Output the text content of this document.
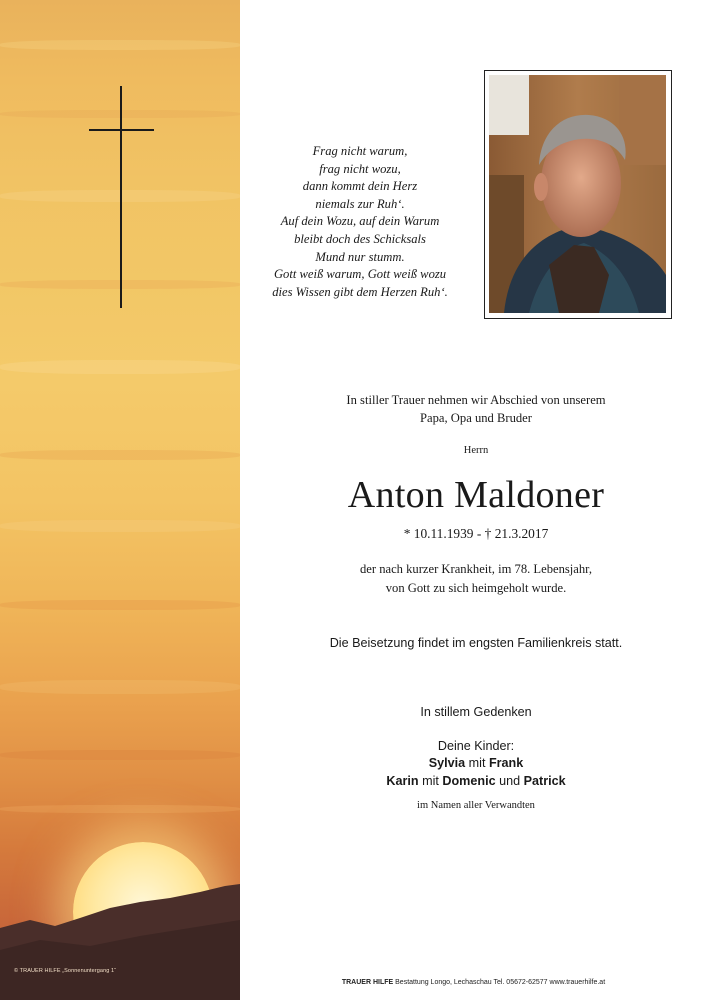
© TRAUER HILFE „Sonnenuntergang 1“
Frag nicht warum,
frag nicht wozu,
dann kommt dein Herz
niemals zur Ruh‘.
Auf dein Wozu, auf dein Warum
bleibt doch des Schicksals
Mund nur stumm.
Gott weiß warum, Gott weiß wozu
dies Wissen gibt dem Herzen Ruh‘.
In stiller Trauer nehmen wir Abschied von unserem
Papa, Opa und Bruder
Herrn
Anton Maldoner
* 10.11.1939 - † 21.3.2017
der nach kurzer Krankheit, im 78. Lebensjahr,
von Gott zu sich heimgeholt wurde.
Die Beisetzung findet im engsten Familienkreis statt.
In stillem Gedenken
Deine Kinder:
Sylvia mit Frank
Karin mit Domenic und Patrick
im Namen aller Verwandten
TRAUER HILFE Bestattung Longo, Lechaschau Tel. 05672-62577 www.trauerhilfe.at
